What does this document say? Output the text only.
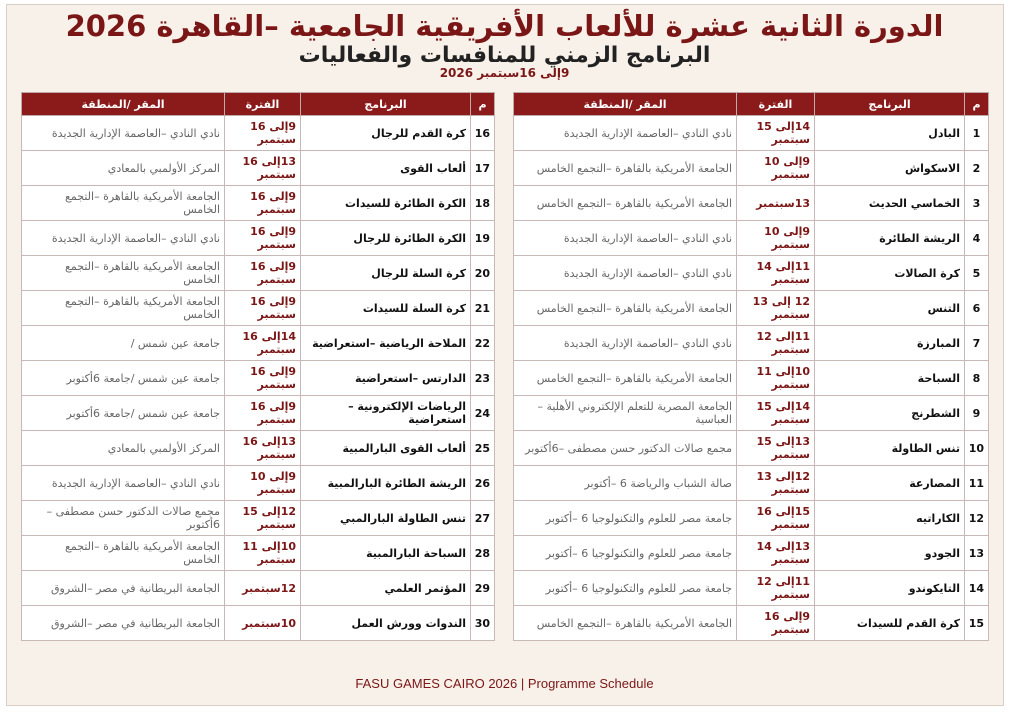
الدورة الثانية عشرة للألعاب الأفريقية الجامعية –القاهرة 2026
البرنامج الزمني للمنافسات والفعاليات
9إلى 16سبتمبر 2026
م	البرنامج	الفترة	المقر /المنطقة
1	البادل	14إلى 15 سبتمبر	نادي النادي –العاصمة الإدارية الجديدة
2	الاسكواش	9إلى 10 سبتمبر	الجامعة الأمريكية بالقاهرة –التجمع الخامس
3	الخماسي الحديث	13سبتمبر	الجامعة الأمريكية بالقاهرة –التجمع الخامس
4	الريشة الطائرة	9إلى 10 سبتمبر	نادي النادي –العاصمة الإدارية الجديدة
5	كرة الصالات	11إلى 14 سبتمبر	نادي النادي –العاصمة الإدارية الجديدة
6	التنس	12 إلى 13 سبتمبر	الجامعة الأمريكية بالقاهرة –التجمع الخامس
7	المبارزة	11إلى 12 سبتمبر	نادي النادي –العاصمة الإدارية الجديدة
8	السباحة	10إلى 11 سبتمبر	الجامعة الأمريكية بالقاهرة –التجمع الخامس
9	الشطرنج	14إلى 15 سبتمبر	الجامعة المصرية للتعلم الإلكتروني الأهلية –العباسية
10	تنس الطاولة	13إلى 15 سبتمبر	مجمع صالات الدكتور حسن مصطفى –6أكتوبر
11	المصارعة	12إلى 13 سبتمبر	صالة الشباب والرياضة 6 –أكتوبر
12	الكاراتيه	15إلى 16 سبتمبر	جامعة مصر للعلوم والتكنولوجيا 6 –أكتوبر
13	الجودو	13إلى 14 سبتمبر	جامعة مصر للعلوم والتكنولوجيا 6 –أكتوبر
14	التايكوندو	11إلى 12 سبتمبر	جامعة مصر للعلوم والتكنولوجيا 6 –أكتوبر
15	كرة القدم للسيدات	9إلى 16 سبتمبر	الجامعة الأمريكية بالقاهرة –التجمع الخامس
م	البرنامج	الفترة	المقر /المنطقة
16	كرة القدم للرجال	9إلى 16 سبتمبر	نادي النادي –العاصمة الإدارية الجديدة
17	ألعاب القوى	13إلى 16 سبتمبر	المركز الأولمبي بالمعادي
18	الكرة الطائرة للسيدات	9إلى 16 سبتمبر	الجامعة الأمريكية بالقاهرة –التجمع الخامس
19	الكرة الطائرة للرجال	9إلى 16 سبتمبر	نادي النادي –العاصمة الإدارية الجديدة
20	كرة السلة للرجال	9إلى 16 سبتمبر	الجامعة الأمريكية بالقاهرة –التجمع الخامس
21	كرة السلة للسيدات	9إلى 16 سبتمبر	الجامعة الأمريكية بالقاهرة –التجمع الخامس
22	الملاحة الرياضية –استعراضية	14إلى 16 سبتمبر	جامعة عين شمس /
23	الدارتس –استعراضية	9إلى 16 سبتمبر	جامعة عين شمس /جامعة 6أكتوبر
24	الرياضات الإلكترونية – استعراضية	9إلى 16 سبتمبر	جامعة عين شمس /جامعة 6أكتوبر
25	ألعاب القوى البارالمبية	13إلى 16 سبتمبر	المركز الأولمبي بالمعادي
26	الريشة الطائرة البارالمبية	9إلى 10 سبتمبر	نادي النادي –العاصمة الإدارية الجديدة
27	تنس الطاولة البارالمبي	12إلى 15 سبتمبر	مجمع صالات الدكتور حسن مصطفى – 6أكتوبر
28	السباحة البارالمبية	10إلى 11 سبتمبر	الجامعة الأمريكية بالقاهرة –التجمع الخامس
29	المؤتمر العلمي	12سبتمبر	الجامعة البريطانية في مصر –الشروق
30	الندوات وورش العمل	10سبتمبر	الجامعة البريطانية في مصر –الشروق
FASU GAMES CAIRO 2026 | Programme Schedule
